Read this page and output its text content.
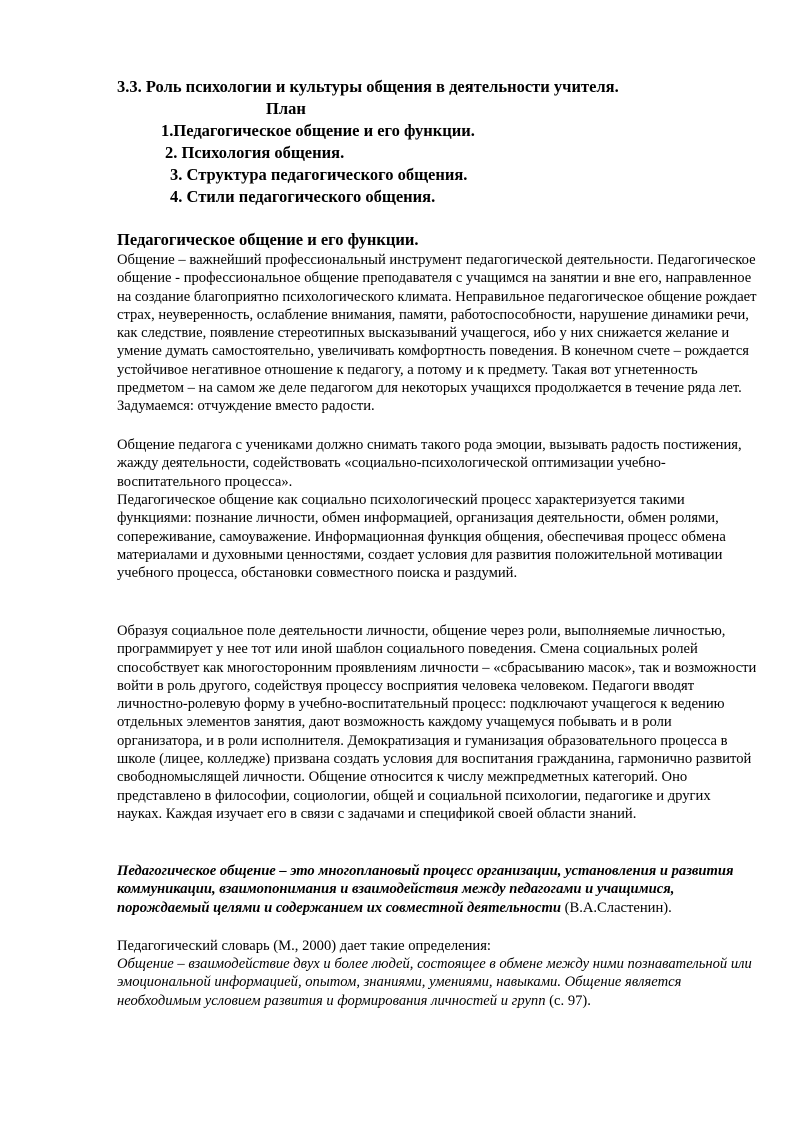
3.3. Роль психологии и культуры общения в деятельности учителя.

План

1.Педагогическое общение и его функции.

2. Психология общения.

3. Структура педагогического общения.

4. Стили педагогического общения.

Педагогическое общение и его функции.

Общение – важнейший профессиональный инструмент педагогической деятельности. Педагогическое общение - профессиональное общение преподавателя с учащимся на занятии и вне его, направленное на создание благоприятно психологического климата. Неправильное педагогическое общение рождает страх, неуверенность, ослабление внимания, памяти, работоспособности, нарушение динамики речи, как следствие, появление стереотипных высказываний учащегося, ибо у них снижается желание и умение думать самостоятельно, увеличивать комфортность поведения. В конечном счете – рождается устойчивое негативное отношение к педагогу, а потому и к предмету. Такая вот угнетенность предметом – на самом же деле педагогом для некоторых учащихся продолжается в течение ряда лет. Задумаемся: отчуждение вместо радости.

Общение педагога с учениками должно снимать такого рода эмоции, вызывать радость постижения, жажду деятельности, содействовать «социально-психологической оптимизации учебно-воспитательного процесса».

Педагогическое общение как социально психологический процесс характеризуется такими функциями: познание личности, обмен информацией, организация деятельности, обмен ролями, сопереживание, самоуважение. Информационная функция общения, обеспечивая процесс обмена материалами и духовными ценностями, создает условия для развития положительной мотивации учебного процесса, обстановки совместного поиска и раздумий.

Образуя социальное поле деятельности личности, общение через роли, выполняемые личностью, программирует у нее тот или иной шаблон социального поведения. Смена социальных ролей способствует как многосторонним проявлениям личности – «сбрасыванию масок», так и возможности войти в роль другого, содействуя процессу восприятия человека человеком. Педагоги вводят личностно-ролевую форму в учебно-воспитательный процесс: подключают учащегося к ведению отдельных элементов занятия, дают возможность каждому учащемуся побывать и в роли организатора, и в роли исполнителя. Демократизация и гуманизация образовательного процесса в школе (лицее, колледже) призвана создать условия для воспитания гражданина, гармонично развитой свободномыслящей личности. Общение относится к числу межпредметных категорий. Оно представлено в философии, социологии, общей и социальной психологии, педагогике и других науках. Каждая изучает его в связи с задачами и спецификой своей области знаний.

Педагогическое общение – это многоплановый процесс организации, установления и развития коммуникации, взаимопонимания и взаимодействия между педагогами и учащимися, порождаемый целями и содержанием их совместной деятельности (В.А.Сластенин).

Педагогический словарь (М., 2000) дает такие определения:

Общение – взаимодействие двух и более людей, состоящее в обмене между ними познавательной или эмоциональной информацией, опытом, знаниями, умениями, навыками. Общение является необходимым условием развития и формирования личностей и групп (с. 97).
